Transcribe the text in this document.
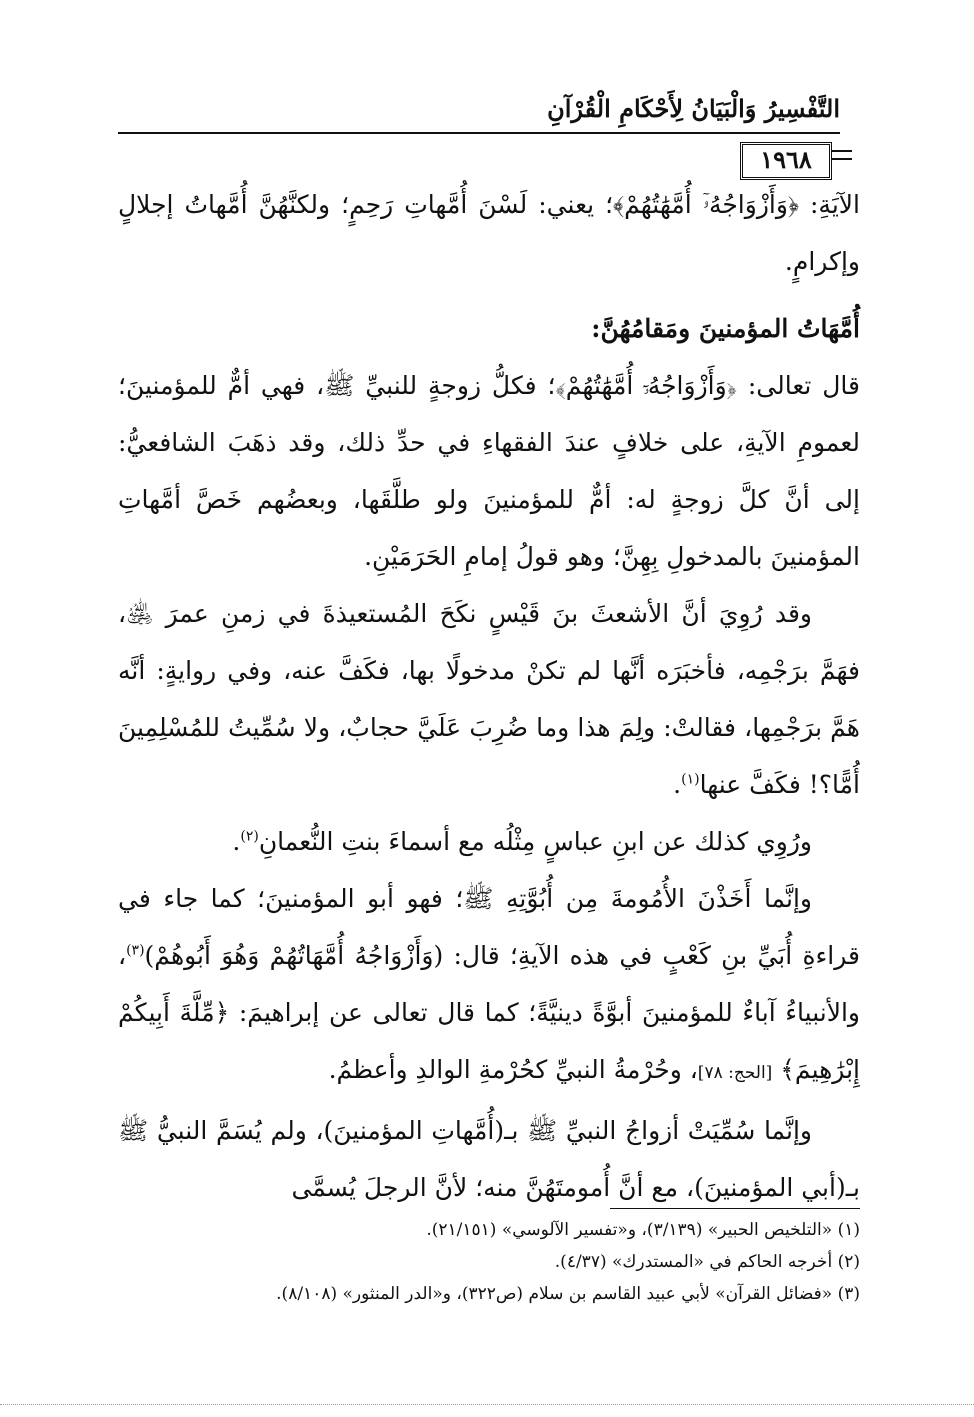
التَّفْسِيرُ وَالْبَيَانُ لِأَحْكَامِ الْقُرْآنِ
١٩٦٨

الآيَةِ: ﴿وَأَزْوَاجُهُۥٓ أُمَّهَٰتُهُمْ﴾؛ يعني: لَسْنَ أُمَّهاتِ رَحِمٍ؛ ولكنَّهُنَّ أُمَّهاتُ إجلالٍ وإكرامٍ.

أُمَّهَاتُ المؤمنينَ ومَقامُهُنَّ:

قال تعالى: ﴿وَأَزْوَاجُهُۥٓ أُمَّهَٰتُهُمْ﴾؛ فكلُّ زوجةٍ للنبيِّ ﷺ، فهي أمٌّ للمؤمنينَ؛ لعمومِ الآيةِ، على خلافٍ عندَ الفقهاءِ في حدِّ ذلك، وقد ذهَبَ الشافعيُّ: إلى أنَّ كلَّ زوجةٍ له: أمٌّ للمؤمنينَ ولو طلَّقَها، وبعضُهم خَصَّ أمَّهاتِ المؤمنينَ بالمدخولِ بِهِنَّ؛ وهو قولُ إمامِ الحَرَمَيْنِ.

وقد رُوِيَ أنَّ الأشعثَ بنَ قَيْسٍ نكَحَ المُستعيذةَ في زمنِ عمرَ ﵁، فهَمَّ برَجْمِه، فأخبَرَه أنَّها لم تكنْ مدخولًا بها، فكَفَّ عنه، وفي روايةٍ: أنَّه هَمَّ برَجْمِها، فقالتْ: ولِمَ هذا وما ضُرِبَ عَلَيَّ حجابٌ، ولا سُمِّيتُ للمُسْلِمِينَ أُمًّا؟! فكَفَّ عنها$^{(١)}$.

ورُوِي كذلك عن ابنِ عباسٍ مِثْلُه مع أسماءَ بنتِ النُّعمانِ$^{(٢)}$.

وإنَّما أَخَذْنَ الأُمُومةَ مِن أُبُوَّتِهِ ﷺ؛ فهو أبو المؤمنينَ؛ كما جاء في قراءةِ أُبَيِّ بنِ كَعْبٍ في هذه الآيةِ؛ قال: (وَأَزْوَاجُهُ أُمَّهَاتُهُمْ وَهُوَ أَبُوهُمْ)$^{(٣)}$، والأنبياءُ آباءٌ للمؤمنينَ أبوَّةً دينيَّةً؛ كما قال تعالى عن إبراهيمَ: ﴿مِّلَّةَ أَبِيكُمْ إِبْرَٰهِيمَ﴾ [الحج: ٧٨]، وحُرْمةُ النبيِّ كحُرْمةِ الوالدِ وأعظمُ.

وإنَّما سُمِّيَتْ أزواجُ النبيِّ ﷺ بـ(أُمَّهاتِ المؤمنينَ)، ولم يُسَمَّ النبيُّ ﷺ بـ(أبي المؤمنينَ)، مع أنَّ أُمومتَهُنَّ منه؛ لأنَّ الرجلَ يُسمَّى

(١) «التلخيص الحبير» (٣/١٣٩)، و«تفسير الآلوسي» (٢١/١٥١).

(٢) أخرجه الحاكم في «المستدرك» (٤/٣٧).

(٣) «فضائل القرآن» لأبي عبيد القاسم بن سلام (ص٣٢٢)، و«الدر المنثور» (٨/١٠٨).
